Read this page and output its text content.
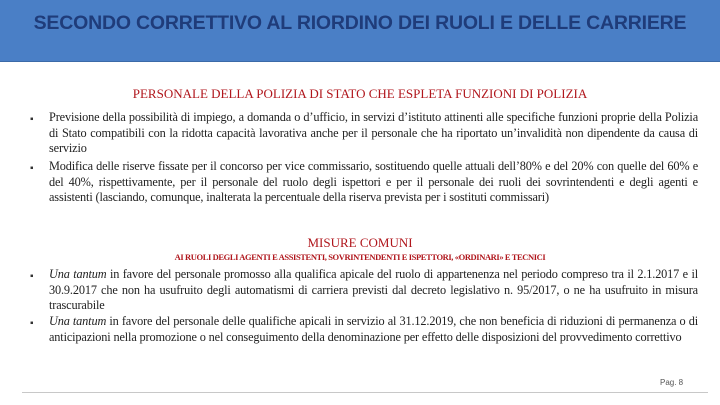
SECONDO CORRETTIVO AL RIORDINO DEI RUOLI E DELLE CARRIERE
PERSONALE DELLA POLIZIA DI STATO CHE ESPLETA FUNZIONI DI POLIZIA
▪ Previsione della possibilità di impiego, a domanda o d’ufficio, in servizi d’istituto attinenti alle specifiche funzioni proprie della Polizia di Stato compatibili con la ridotta capacità lavorativa anche per il personale che ha riportato un’invalidità non dipendente da causa di servizio
▪ Modifica delle riserve fissate per il concorso per vice commissario, sostituendo quelle attuali dell’80% e del 20% con quelle del 60% e del 40%, rispettivamente, per il personale del ruolo degli ispettori e per il personale dei ruoli dei sovrintendenti e degli agenti e assistenti (lasciando, comunque, inalterata la percentuale della riserva prevista per i sostituti commissari)
MISURE COMUNI
AI RUOLI DEGLI AGENTI E ASSISTENTI, SOVRINTENDENTI E ISPETTORI, «ORDINARI» E TECNICI
▪ Una tantum in favore del personale promosso alla qualifica apicale del ruolo di appartenenza nel periodo compreso tra il 2.1.2017 e il 30.9.2017 che non ha usufruito degli automatismi di carriera previsti dal decreto legislativo n. 95/2017, o ne ha usufruito in misura trascurabile
▪ Una tantum in favore del personale delle qualifiche apicali in servizio al 31.12.2019, che non beneficia di riduzioni di permanenza o di anticipazioni nella promozione o nel conseguimento della denominazione per effetto delle disposizioni del provvedimento correttivo
Pag. 8
